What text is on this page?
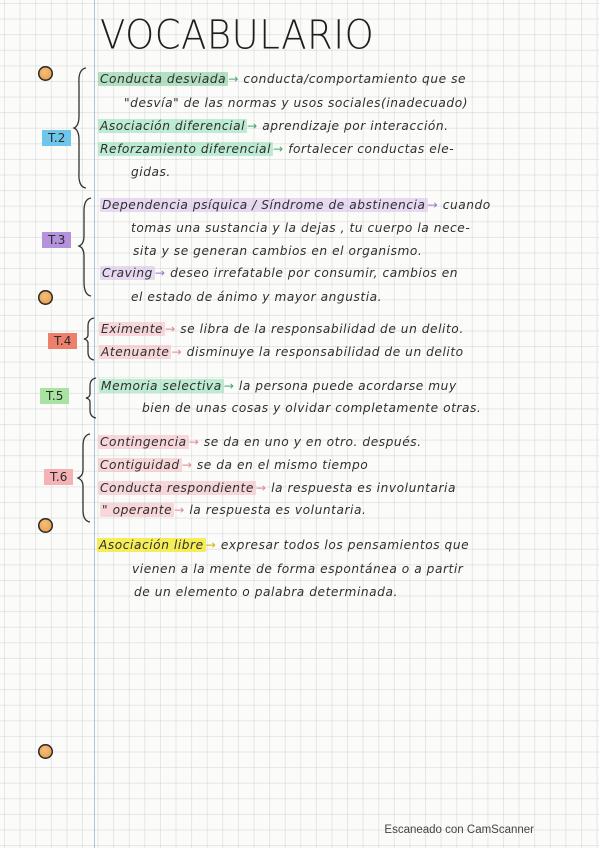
VOCABULARIO
T.2
Conducta desviada → conducta/comportamiento que se
"desvía" de las normas y usos sociales(inadecuado)
Asociación diferencial → aprendizaje por interacción.
Reforzamiento diferencial → fortalecer conductas ele-
gidas.
T.3
Dependencia psíquica / Síndrome de abstinencia → cuando
tomas una sustancia y la dejas , tu cuerpo la nece-
sita y se generan cambios en el organismo.
Craving → deseo irrefatable por consumir, cambios en
el estado de ánimo y mayor angustia.
T.4
Eximente → se libra de la responsabilidad de un delito.
Atenuante → disminuye la responsabilidad de un delito
T.5
Memoria selectiva → la persona puede acordarse muy
bien de unas cosas y olvidar completamente otras.
T.6
Contingencia → se da en uno y en otro. después.
Contiguidad → se da en el mismo tiempo
Conducta respondiente → la respuesta es involuntaria
" operante → la respuesta es voluntaria.
Asociación libre → expresar todos los pensamientos que
vienen a la mente de forma espontánea o a partir
de un elemento o palabra determinada.
Escaneado con CamScanner
